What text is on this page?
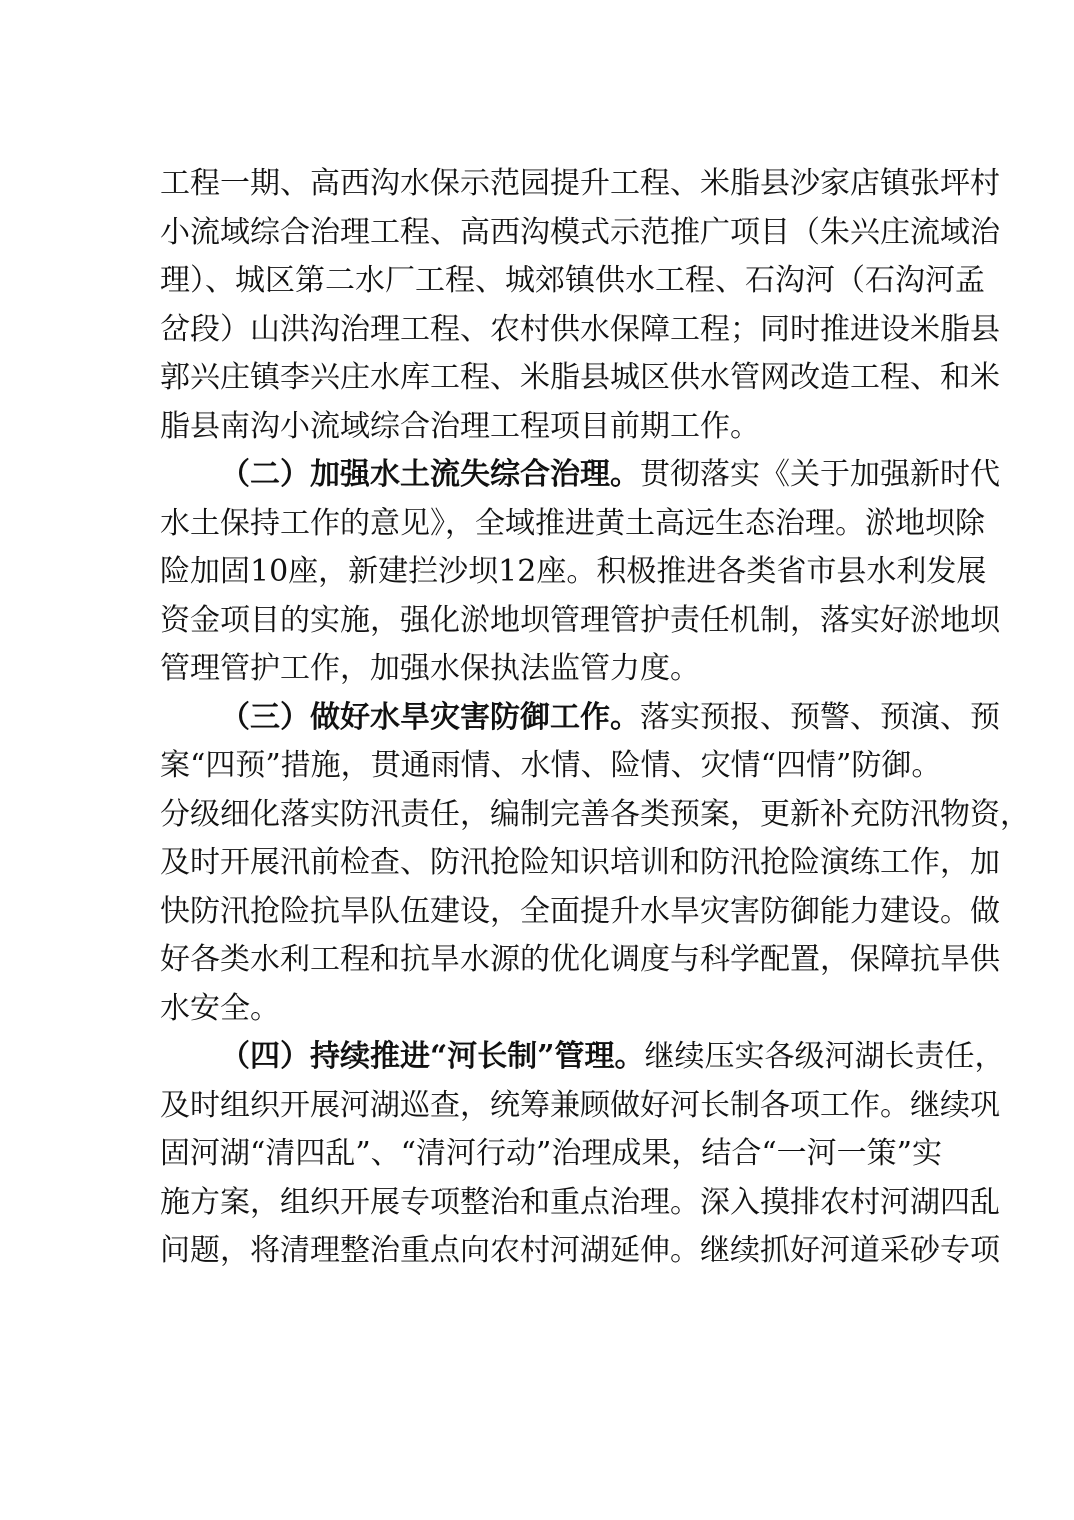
工程一期、高西沟水保示范园提升工程、米脂县沙家店镇张坪村
小流域综合治理工程、高西沟模式示范推广项目（朱兴庄流域治
理）、城区第二水厂工程、城郊镇供水工程、石沟河（石沟河孟
岔段）山洪沟治理工程、农村供水保障工程；同时推进设米脂县
郭兴庄镇李兴庄水库工程、米脂县城区供水管网改造工程、和米
脂县南沟小流域综合治理工程项目前期工作。
（二）加强水土流失综合治理。贯彻落实《关于加强新时代
水土保持工作的意见》，全域推进黄土高远生态治理。淤地坝除
险加固10座，新建拦沙坝12座。积极推进各类省市县水利发展
资金项目的实施，强化淤地坝管理管护责任机制，落实好淤地坝
管理管护工作，加强水保执法监管力度。
（三）做好水旱灾害防御工作。落实预报、预警、预演、预
案“四预”措施，贯通雨情、水情、险情、灾情“四情”防御。
分级细化落实防汛责任，编制完善各类预案，更新补充防汛物资，
及时开展汛前检查、防汛抢险知识培训和防汛抢险演练工作，加
快防汛抢险抗旱队伍建设，全面提升水旱灾害防御能力建设。做
好各类水利工程和抗旱水源的优化调度与科学配置，保障抗旱供
水安全。
（四）持续推进“河长制”管理。继续压实各级河湖长责任，
及时组织开展河湖巡查，统筹兼顾做好河长制各项工作。继续巩
固河湖“清四乱”、“清河行动”治理成果，结合“一河一策”实
施方案，组织开展专项整治和重点治理。深入摸排农村河湖四乱
问题，将清理整治重点向农村河湖延伸。继续抓好河道采砂专项
